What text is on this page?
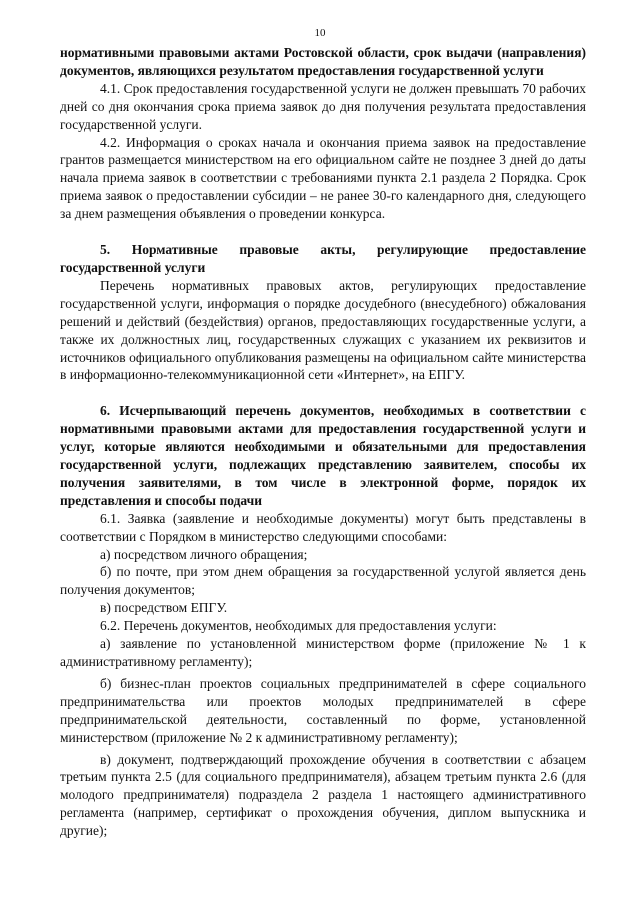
10

нормативными правовыми актами Ростовской области, срок выдачи (направления) документов, являющихся результатом предоставления государственной услуги

4.1. Срок предоставления государственной услуги не должен превышать 70 рабочих дней со дня окончания срока приема заявок до дня получения результата предоставления государственной услуги.

4.2. Информация о сроках начала и окончания приема заявок на предоставление грантов размещается министерством на его официальном сайте не позднее 3 дней до даты начала приема заявок в соответствии с требованиями пункта 2.1 раздела 2 Порядка. Срок приема заявок о предоставлении субсидии – не ранее 30-го календарного дня, следующего за днем размещения объявления о проведении конкурса.

5. Нормативные правовые акты, регулирующие предоставление государственной услуги

Перечень нормативных правовых актов, регулирующих предоставление государственной услуги, информация о порядке досудебного (внесудебного) обжалования решений и действий (бездействия) органов, предоставляющих государственные услуги, а также их должностных лиц, государственных служащих с указанием их реквизитов и источников официального опубликования размещены на официальном сайте министерства в информационно-телекоммуникационной сети «Интернет», на ЕПГУ.

6. Исчерпывающий перечень документов, необходимых в соответствии с нормативными правовыми актами для предоставления государственной услуги и услуг, которые являются необходимыми и обязательными для предоставления государственной услуги, подлежащих представлению заявителем, способы их получения заявителями, в том числе в электронной форме, порядок их представления и способы подачи

6.1. Заявка (заявление и необходимые документы) могут быть представлены в соответствии с Порядком в министерство следующими способами:

а) посредством личного обращения;

б) по почте, при этом днем обращения за государственной услугой является день получения документов;

в) посредством ЕПГУ.

6.2. Перечень документов, необходимых для предоставления услуги:

а) заявление по установленной министерством форме (приложение № 1 к административному регламенту);

б) бизнес-план проектов социальных предпринимателей в сфере социального предпринимательства или проектов молодых предпринимателей в сфере предпринимательской деятельности, составленный по форме, установленной министерством (приложение № 2 к административному регламенту);

в) документ, подтверждающий прохождение обучения в соответствии с абзацем третьим пункта 2.5 (для социального предпринимателя), абзацем третьим пункта 2.6 (для молодого предпринимателя) подраздела 2 раздела 1 настоящего административного регламента (например, сертификат о прохождения обучения, диплом выпускника и другие);
